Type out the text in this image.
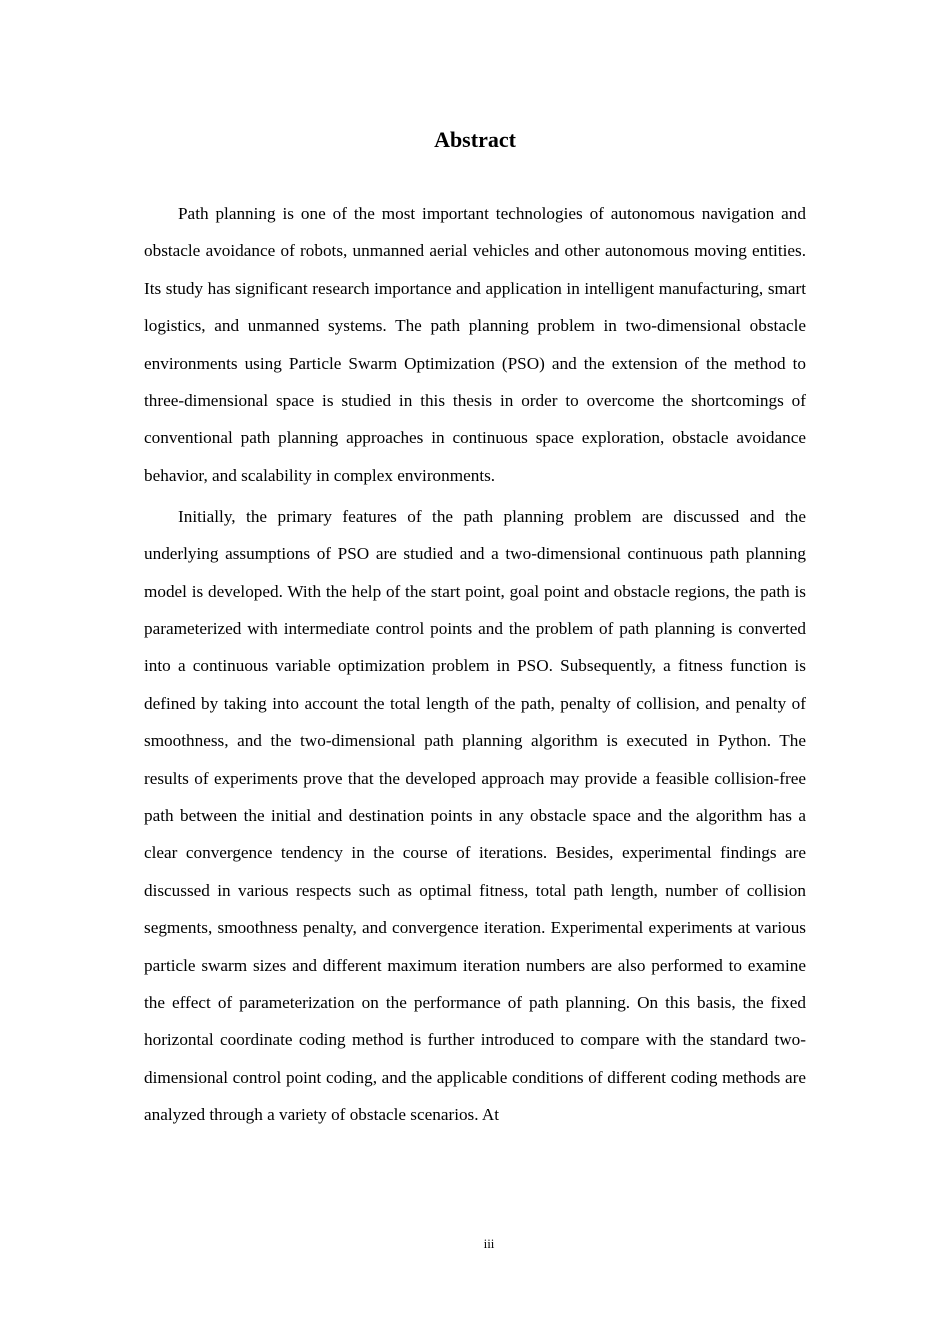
Abstract

Path planning is one of the most important technologies of autonomous navigation and obstacle avoidance of robots, unmanned aerial vehicles and other autonomous moving entities. Its study has significant research importance and application in intelligent manufacturing, smart logistics, and unmanned systems. The path planning problem in two-dimensional obstacle environments using Particle Swarm Optimization (PSO) and the extension of the method to three-dimensional space is studied in this thesis in order to overcome the shortcomings of conventional path planning approaches in continuous space exploration, obstacle avoidance behavior, and scalability in complex environments.

Initially, the primary features of the path planning problem are discussed and the underlying assumptions of PSO are studied and a two-dimensional continuous path planning model is developed. With the help of the start point, goal point and obstacle regions, the path is parameterized with intermediate control points and the problem of path planning is converted into a continuous variable optimization problem in PSO. Subsequently, a fitness function is defined by taking into account the total length of the path, penalty of collision, and penalty of smoothness, and the two-dimensional path planning algorithm is executed in Python. The results of experiments prove that the developed approach may provide a feasible collision-free path between the initial and destination points in any obstacle space and the algorithm has a clear convergence tendency in the course of iterations. Besides, experimental findings are discussed in various respects such as optimal fitness, total path length, number of collision segments, smoothness penalty, and convergence iteration. Experimental experiments at various particle swarm sizes and different maximum iteration numbers are also performed to examine the effect of parameterization on the performance of path planning. On this basis, the fixed horizontal coordinate coding method is further introduced to compare with the standard two-dimensional control point coding, and the applicable conditions of different coding methods are analyzed through a variety of obstacle scenarios. At

iii
